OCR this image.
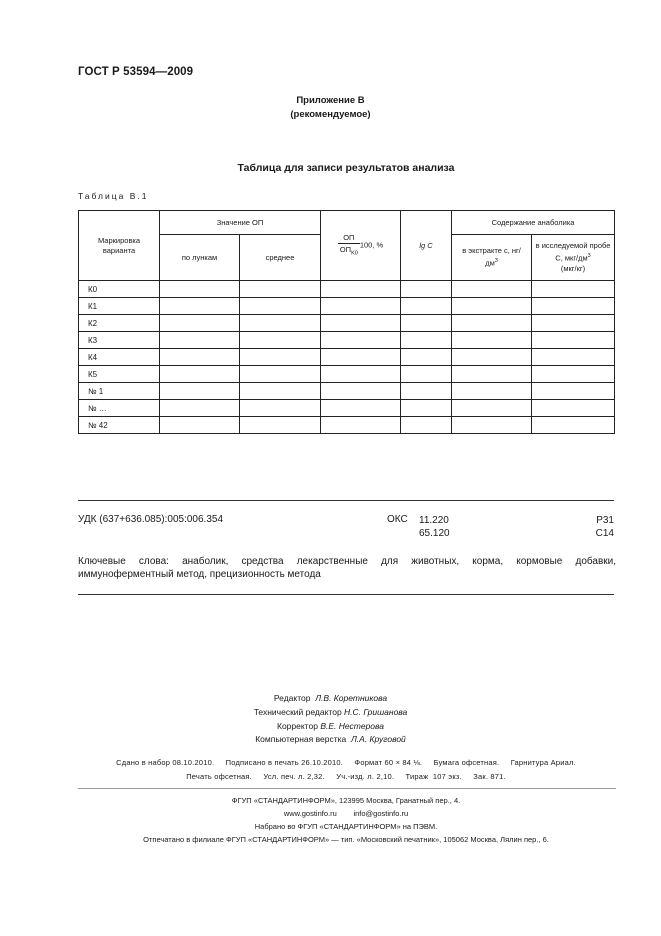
ГОСТ Р 53594—2009
Приложение В
(рекомендуемое)
Таблица для записи результатов анализа
Таблица В.1
Маркировка варианта	Значение ОП		$\frac{ОП}{ОП_{K0}} 100$, %	lg C	Содержание анаболика	
	по лункам	среднее			в экстракте с, $нг/дм^3$	в исследуемой пробе С, мкг/$дм^3$
(мкг/кг)
К0						
К1						
К2						
К3						
К4						
К5						
№ 1						
№ …						
№ 42						
УДК (637+636.085):005:006.354	ОКС 11.220
65.120
Р31
С14
Ключевые слова: анаболик, средства лекарственные для животных, корма, кормовые добавки, иммуноферментный метод, прецизионность метода
Редактор Л.В. Коретникова
Технический редактор Н.С. Гришанова
Корректор В.Е. Нестерова
Компьютерная верстка Л.А. Круговой
Сдано в набор 08.10.2010.     Подписано в печать 26.10.2010.     Формат 60 × 84 ⅛.     Бумага офсетная.     Гарнитура Ариал.
Печать офсетная.     Усл. печ. л. 2,32.     Уч.-изд. л. 2,10.     Тираж  107 экз.     Зак. 871.
ФГУП «СТАНДАРТИНФОРМ», 123995 Москва, Гранатный пер., 4.
www.gostinfo.ru        info@gostinfo.ru
Набрано во ФГУП «СТАНДАРТИНФОРМ» на ПЭВМ.
Отпечатано в филиале ФГУП «СТАНДАРТИНФОРМ» — тип. «Московский печатник», 105062 Москва, Лялин пер., 6.
